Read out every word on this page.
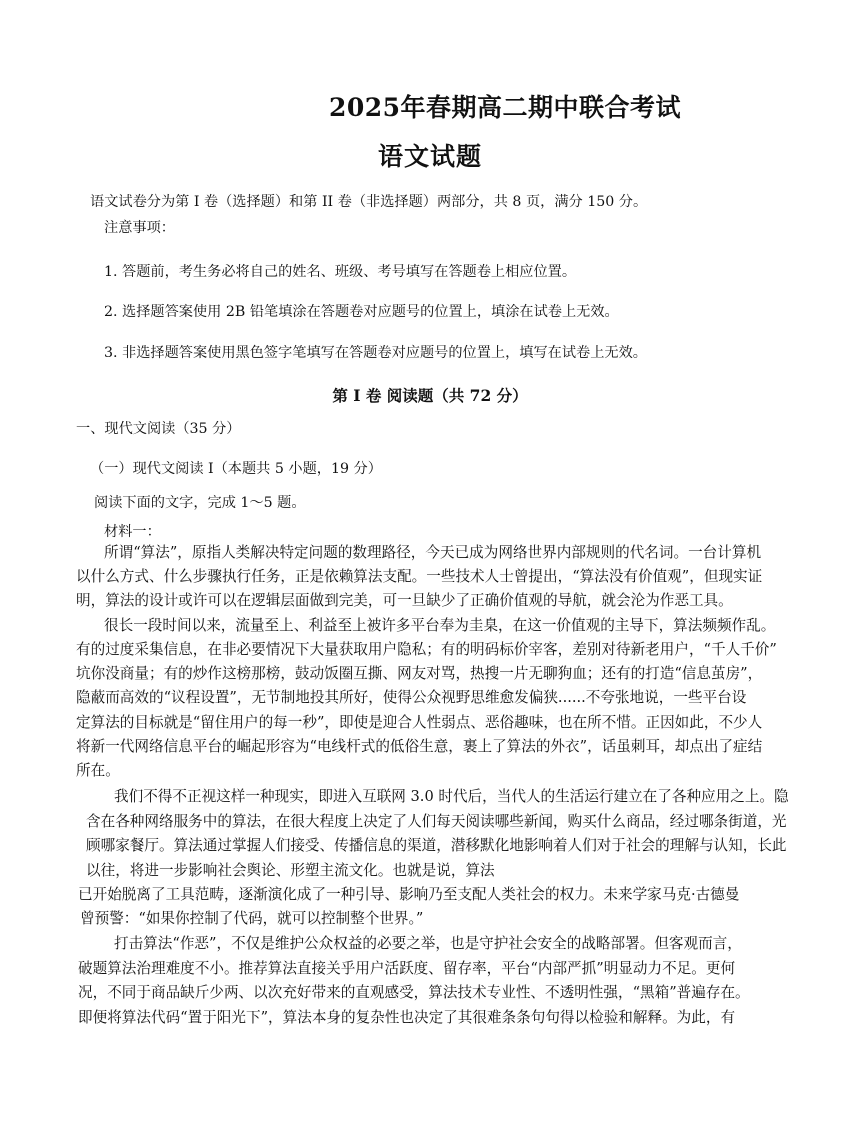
2025年春期高二期中联合考试
语文试题
语文试卷分为第 I 卷（选择题）和第 II 卷（非选择题）两部分，共 8 页，满分 150 分。
注意事项：
1. 答题前，考生务必将自己的姓名、班级、考号填写在答题卷上相应位置。
2. 选择题答案使用 2B 铅笔填涂在答题卷对应题号的位置上，填涂在试卷上无效。
3. 非选择题答案使用黑色签字笔填写在答题卷对应题号的位置上，填写在试卷上无效。
第 I 卷 阅读题（共 72 分）
一、现代文阅读（35 分）
（一）现代文阅读 I（本题共 5 小题，19 分）
阅读下面的文字，完成 1～5 题。
材料一：
所谓“算法”，原指人类解决特定问题的数理路径，今天已成为网络世界内部规则的代名词。一台计算机
以什么方式、什么步骤执行任务，正是依赖算法支配。一些技术人士曾提出，“算法没有价值观”，但现实证
明，算法的设计或许可以在逻辑层面做到完美，可一旦缺少了正确价值观的导航，就会沦为作恶工具。
很长一段时间以来，流量至上、利益至上被许多平台奉为圭臬，在这一价值观的主导下，算法频频作乱。
有的过度采集信息，在非必要情况下大量获取用户隐私；有的明码标价宰客，差别对待新老用户，“千人千价”
坑你没商量；有的炒作这榜那榜，鼓动饭圈互撕、网友对骂，热搜一片无聊狗血；还有的打造“信息茧房”，
隐蔽而高效的“议程设置”，无节制地投其所好，使得公众视野思维愈发偏狭......不夸张地说，一些平台设
定算法的目标就是“留住用户的每一秒”，即使是迎合人性弱点、恶俗趣味，也在所不惜。正因如此，不少人
将新一代网络信息平台的崛起形容为“电线杆式的低俗生意，裹上了算法的外衣”，话虽刺耳，却点出了症结
所在。
我们不得不正视这样一种现实，即进入互联网 3.0 时代后，当代人的生活运行建立在了各种应用之上。隐
含在各种网络服务中的算法，在很大程度上决定了人们每天阅读哪些新闻，购买什么商品，经过哪条街道，光
顾哪家餐厅。算法通过掌握人们接受、传播信息的渠道，潜移默化地影响着人们对于社会的理解与认知，长此
以往，将进一步影响社会舆论、形塑主流文化。也就是说，算法
已开始脱离了工具范畴，逐渐演化成了一种引导、影响乃至支配人类社会的权力。未来学家马克·古德曼
曾预警：“如果你控制了代码，就可以控制整个世界。”
打击算法“作恶”，不仅是维护公众权益的必要之举，也是守护社会安全的战略部署。但客观而言，
破题算法治理难度不小。推荐算法直接关乎用户活跃度、留存率，平台“内部严抓”明显动力不足。更何
况，不同于商品缺斤少两、以次充好带来的直观感受，算法技术专业性、不透明性强，“黑箱”普遍存在。
即便将算法代码“置于阳光下”，算法本身的复杂性也决定了其很难条条句句得以检验和解释。为此，有
